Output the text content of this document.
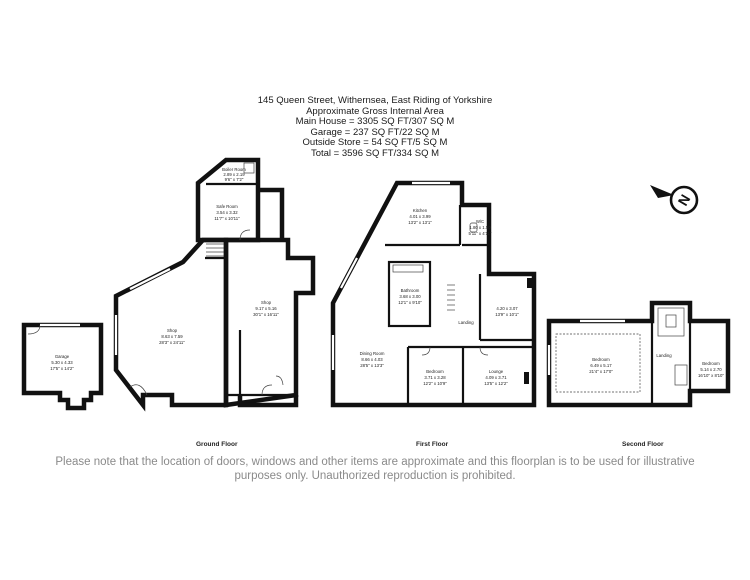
145 Queen Street, Withernsea, East Riding of Yorkshire
Approximate Gross Internal Area
Main House = 3305 SQ FT/307 SQ M
Garage = 237 SQ FT/22 SQ M
Outside Store = 54 SQ FT/5 SQ M
Total = 3596 SQ FT/334 SQ M
N
Garage
5.30 x 4.33
17'5" x 14'2"
Shop
8.63 x 7.59
28'3" x 24'11"
Shop
9.17 x 5.16
30'1" x 16'11"
Boiler Room
2.89 x 2.19
9'6" x 7'2"
Safe Room
3.54 x 3.32
11'7" x 10'11"
Kitchen
4.01 x 3.99
13'2" x 13'1"	W/C
1.80 x 1.50
5'11" x 4'11"
Bathroom
3.68 x 3.00
12'1" x 9'10"
4.20 x 3.07
13'9" x 10'1"
Landing
Dining Room
8.66 x 4.03
28'5" x 13'3"
Bedroom
3.71 x 3.28
12'2" x 10'9"
Lounge
4.09 x 3.71
13'5" x 12'2"
Bedroom
6.49 x 5.17
21'4" x 17'0"
Landing
Bedroom
5.14 x 2.70
16'10" x 8'10"
Ground Floor	First Floor	Second Floor
Please note that the location of doors, windows and other items are approximate and this floorplan is to be used for illustrative
purposes only. Unauthorized reproduction is prohibited.
